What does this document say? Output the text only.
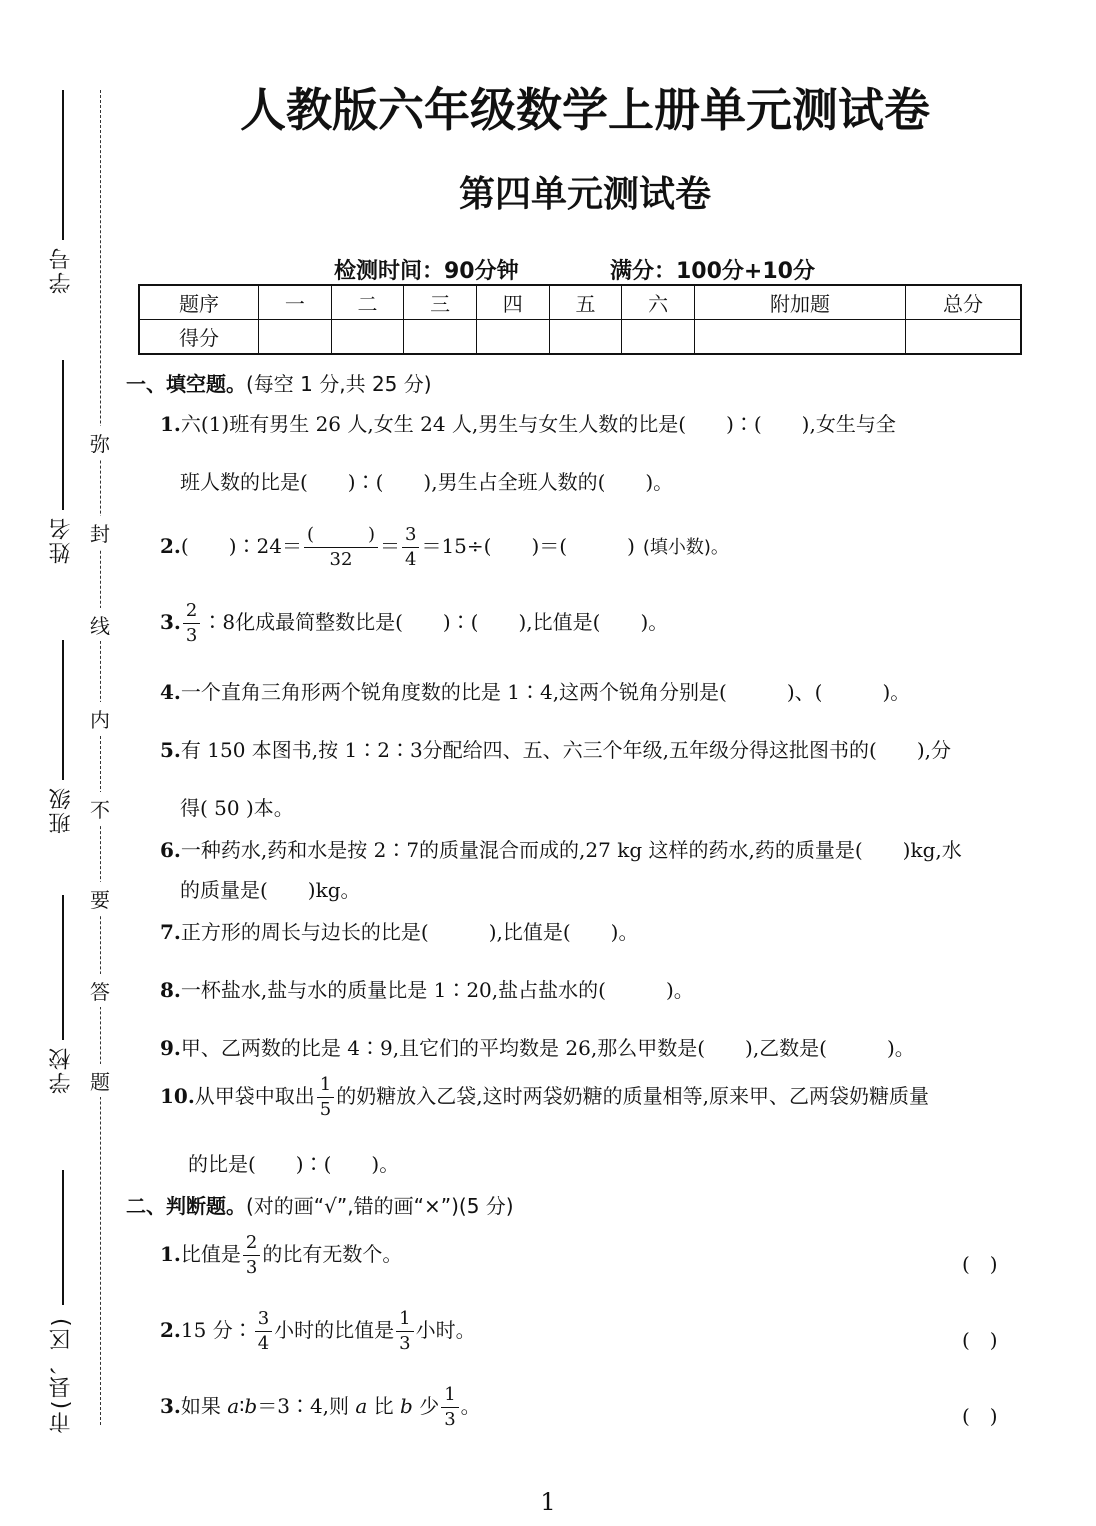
学号
姓名
班级
学校
市(县、区)
弥
封
线
内
不
要
答
题
人教版六年级数学上册单元测试卷
第四单元测试卷
检测时间：90分钟	满分：100分+10分
题序	一	二	三	四	五	六	附加题	总分
得分								
一、填空题。(每空 1 分,共 25 分)
1.六(1)班有男生 26 人,女生 24 人,男生与女生人数的比是(　　)∶(　　),女生与全
班人数的比是(　　)∶(　　),男生占全班人数的(　　)。
2.(　　)∶24＝ $\frac{( )}{32} = \frac{3}{4} =15\div$(　　)＝(　　　) (填小数)。
3. $\frac{2}{3}$ ∶8化成最简整数比是(　　)∶(　　),比值是(　　)。
4.一个直角三角形两个锐角度数的比是 1∶4,这两个锐角分别是(　　　)、(　　　)。
5.有 150 本图书,按 1∶2∶3分配给四、五、六三个年级,五年级分得这批图书的(　　),分
得( 50 )本。
6.一种药水,药和水是按 2∶7的质量混合而成的,27 kg 这样的药水,药的质量是(　　)kg,水
的质量是(　　)kg。
7.正方形的周长与边长的比是(　　　),比值是(　　)。
8.一杯盐水,盐与水的质量比是 1∶20,盐占盐水的(　　　)。
9.甲、乙两数的比是 4∶9,且它们的平均数是 26,那么甲数是(　　),乙数是(　　　)。
10.从甲袋中取出 $\frac{1}{5}$ 的奶糖放入乙袋,这时两袋奶糖的质量相等,原来甲、乙两袋奶糖质量
的比是(　　)∶(　　)。
二、判断题。(对的画“√”,错的画“×”)(5 分)
1.比值是 $\frac{2}{3}$ 的比有无数个。	(　)
2.15 分∶ $\frac{3}{4}$ 小时的比值是 $\frac{1}{3}$ 小时。	(　)
3.如果 a∶b＝3∶4,则 a 比 b 少 $\frac{1}{3}$ 。	(　)
1
